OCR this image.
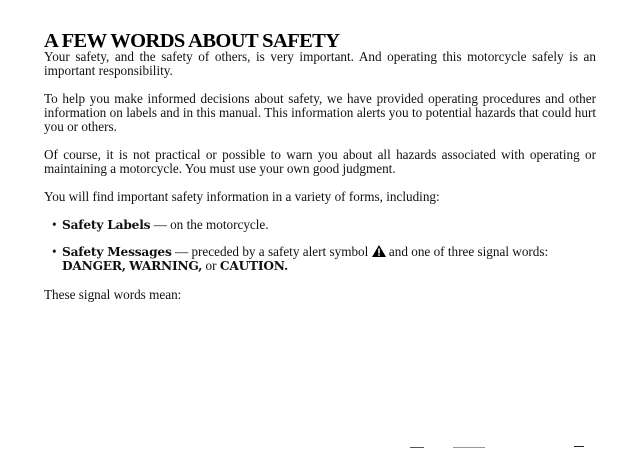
A FEW WORDS ABOUT SAFETY
Your safety, and the safety of others, is very important. And operating this motorcycle safely is an important responsibility.
To help you make informed decisions about safety, we have provided operating procedures and other information on labels and in this manual. This information alerts you to potential hazards that could hurt you or others.
Of course, it is not practical or possible to warn you about all hazards associated with operating or maintaining a motorcycle. You must use your own good judgment.
You will find important safety information in a variety of forms, including:
• Safety Labels — on the motorcycle.
• Safety Messages — preceded by a safety alert symbol  and one of three signal words:
DANGER, WARNING, or CAUTION.
These signal words mean:
